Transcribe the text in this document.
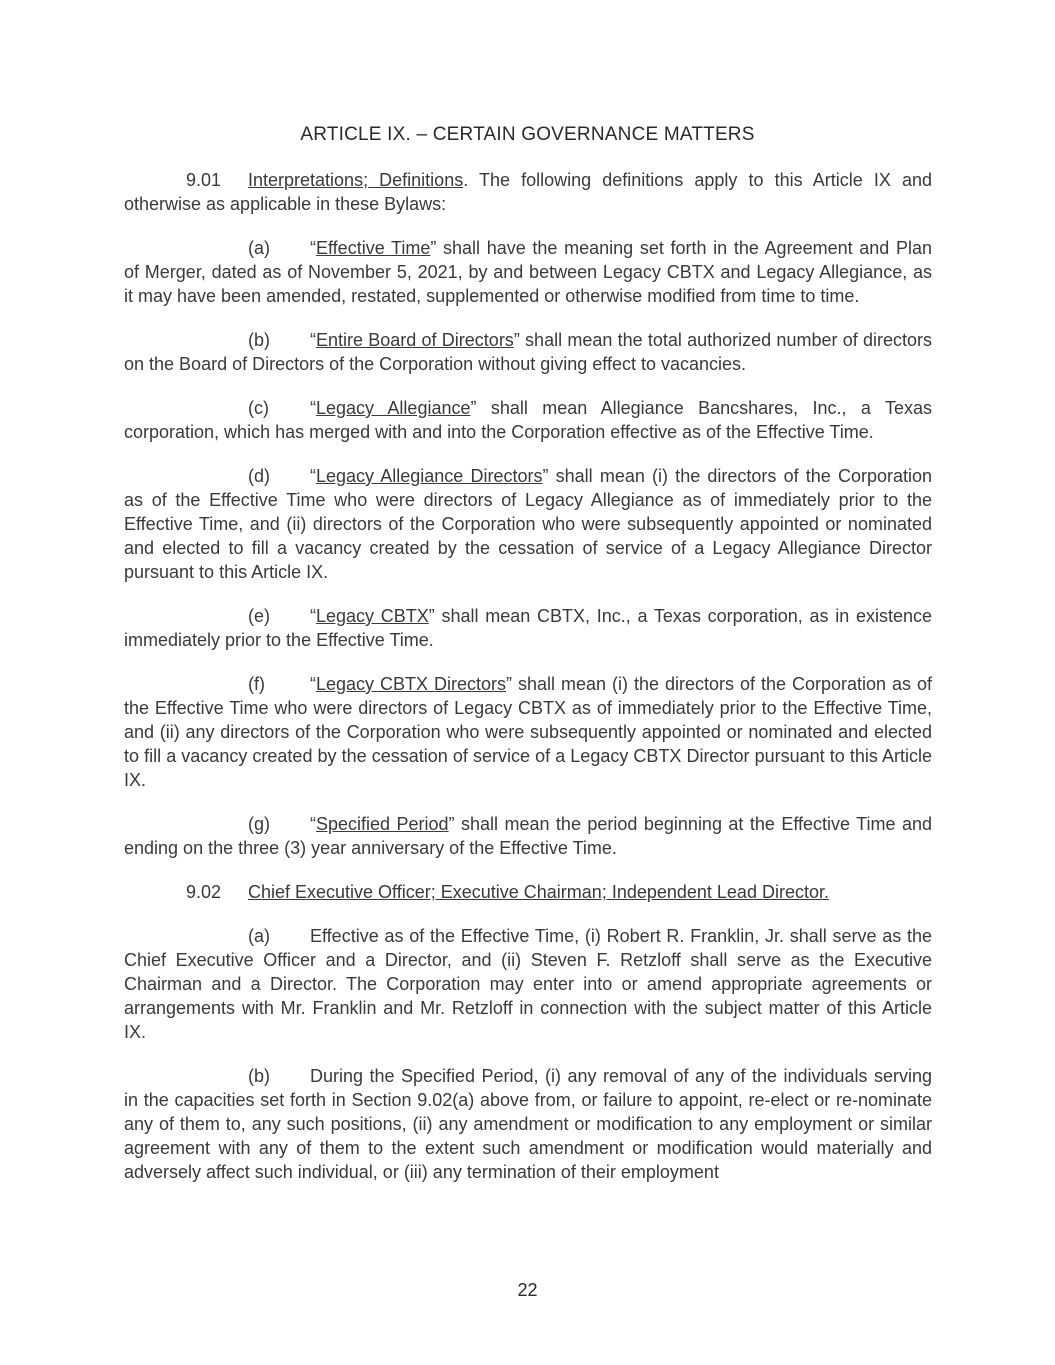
ARTICLE IX. – CERTAIN GOVERNANCE MATTERS

9.01 Interpretations; Definitions. The following definitions apply to this Article IX and otherwise as applicable in these Bylaws:

(a) “Effective Time” shall have the meaning set forth in the Agreement and Plan of Merger, dated as of November 5, 2021, by and between Legacy CBTX and Legacy Allegiance, as it may have been amended, restated, supplemented or otherwise modified from time to time.

(b) “Entire Board of Directors” shall mean the total authorized number of directors on the Board of Directors of the Corporation without giving effect to vacancies.

(c) “Legacy Allegiance” shall mean Allegiance Bancshares, Inc., a Texas corporation, which has merged with and into the Corporation effective as of the Effective Time.

(d) “Legacy Allegiance Directors” shall mean (i) the directors of the Corporation as of the Effective Time who were directors of Legacy Allegiance as of immediately prior to the Effective Time, and (ii) directors of the Corporation who were subsequently appointed or nominated and elected to fill a vacancy created by the cessation of service of a Legacy Allegiance Director pursuant to this Article IX.

(e) “Legacy CBTX” shall mean CBTX, Inc., a Texas corporation, as in existence immediately prior to the Effective Time.

(f)	“Legacy CBTX Directors” shall mean (i) the directors of the Corporation as of the Effective Time who were directors of Legacy CBTX as of immediately prior to the Effective Time, and (ii) any directors of the Corporation who were subsequently appointed or nominated and elected to fill a vacancy created by the cessation of service of a Legacy CBTX Director pursuant to this Article IX.

(g) “Specified Period” shall mean the period beginning at the Effective Time and ending on the three (3) year anniversary of the Effective Time.

9.02 Chief Executive Officer; Executive Chairman; Independent Lead Director.

(a) Effective as of the Effective Time, (i) Robert R. Franklin, Jr. shall serve as the Chief Executive Officer and a Director, and (ii) Steven F. Retzloff shall serve as the Executive Chairman and a Director. The Corporation may enter into or amend appropriate agreements or arrangements with Mr. Franklin and Mr. Retzloff in connection with the subject matter of this Article IX.

(b) During the Specified Period, (i) any removal of any of the individuals serving in the capacities set forth in Section 9.02(a) above from, or failure to appoint, re-elect or re-nominate any of them to, any such positions, (ii) any amendment or modification to any employment or similar agreement with any of them to the extent such amendment or modification would materially and adversely affect such individual, or (iii) any termination of their employment

22
